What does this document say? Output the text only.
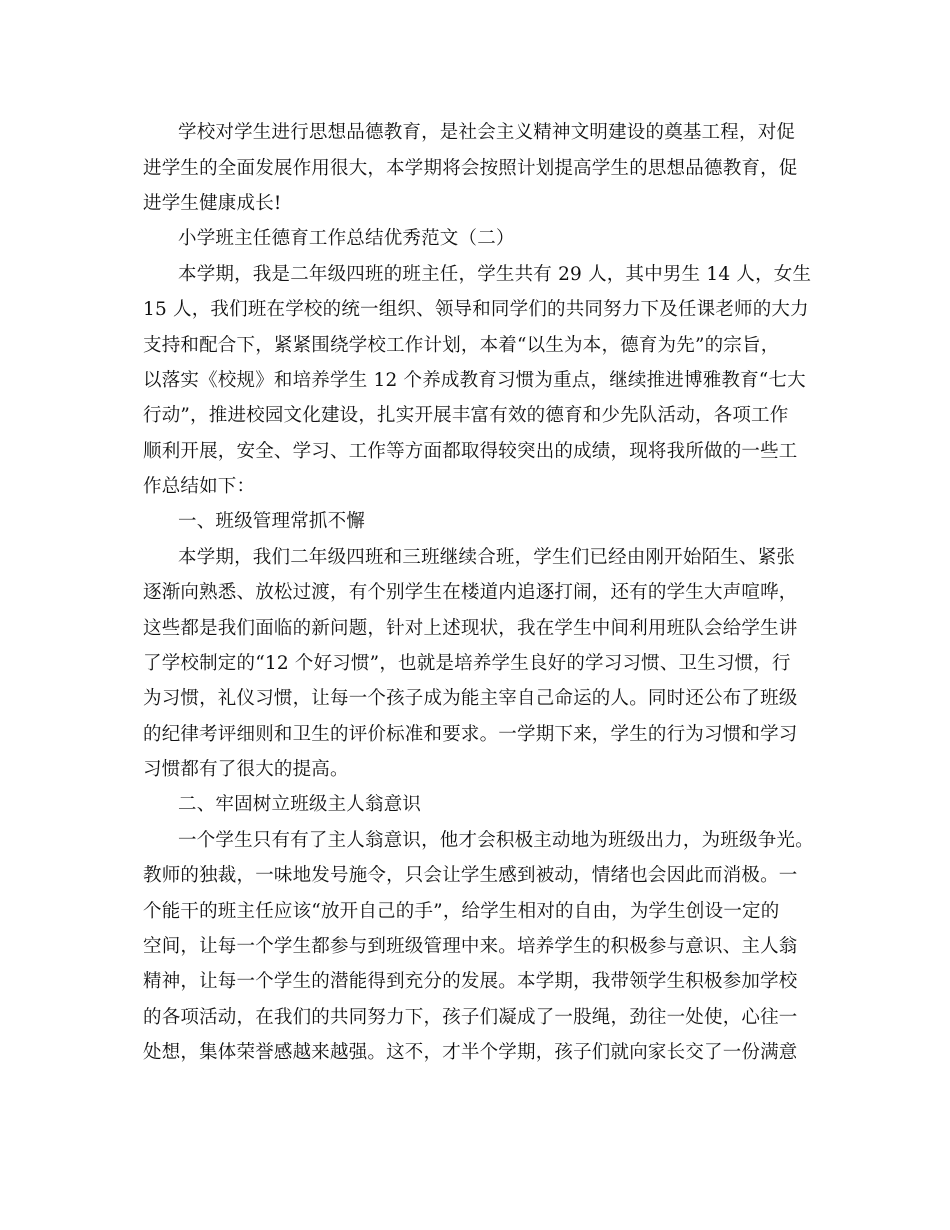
学校对学生进行思想品德教育，是社会主义精神文明建设的奠基工程，对促
进学生的全面发展作用很大，本学期将会按照计划提高学生的思想品德教育，促
进学生健康成长!
小学班主任德育工作总结优秀范文（二）
本学期，我是二年级四班的班主任，学生共有 29 人，其中男生 14 人，女生
15 人，我们班在学校的统一组织、领导和同学们的共同努力下及任课老师的大力
支持和配合下，紧紧围绕学校工作计划，本着“以生为本，德育为先”的宗旨，
以落实《校规》和培养学生 12 个养成教育习惯为重点，继续推进博雅教育“七大
行动”，推进校园文化建设，扎实开展丰富有效的德育和少先队活动，各项工作
顺利开展，安全、学习、工作等方面都取得较突出的成绩，现将我所做的一些工
作总结如下：
一、班级管理常抓不懈
本学期，我们二年级四班和三班继续合班，学生们已经由刚开始陌生、紧张
逐渐向熟悉、放松过渡，有个别学生在楼道内追逐打闹，还有的学生大声喧哗，
这些都是我们面临的新问题，针对上述现状，我在学生中间利用班队会给学生讲
了学校制定的“12 个好习惯”，也就是培养学生良好的学习习惯、卫生习惯，行
为习惯，礼仪习惯，让每一个孩子成为能主宰自己命运的人。同时还公布了班级
的纪律考评细则和卫生的评价标准和要求。一学期下来，学生的行为习惯和学习
习惯都有了很大的提高。
二、牢固树立班级主人翁意识
一个学生只有有了主人翁意识，他才会积极主动地为班级出力，为班级争光。
教师的独裁，一味地发号施令，只会让学生感到被动，情绪也会因此而消极。一
个能干的班主任应该“放开自己的手”，给学生相对的自由，为学生创设一定的
空间，让每一个学生都参与到班级管理中来。培养学生的积极参与意识、主人翁
精神，让每一个学生的潜能得到充分的发展。本学期，我带领学生积极参加学校
的各项活动，在我们的共同努力下，孩子们凝成了一股绳，劲往一处使，心往一
处想，集体荣誉感越来越强。这不，才半个学期，孩子们就向家长交了一份满意
